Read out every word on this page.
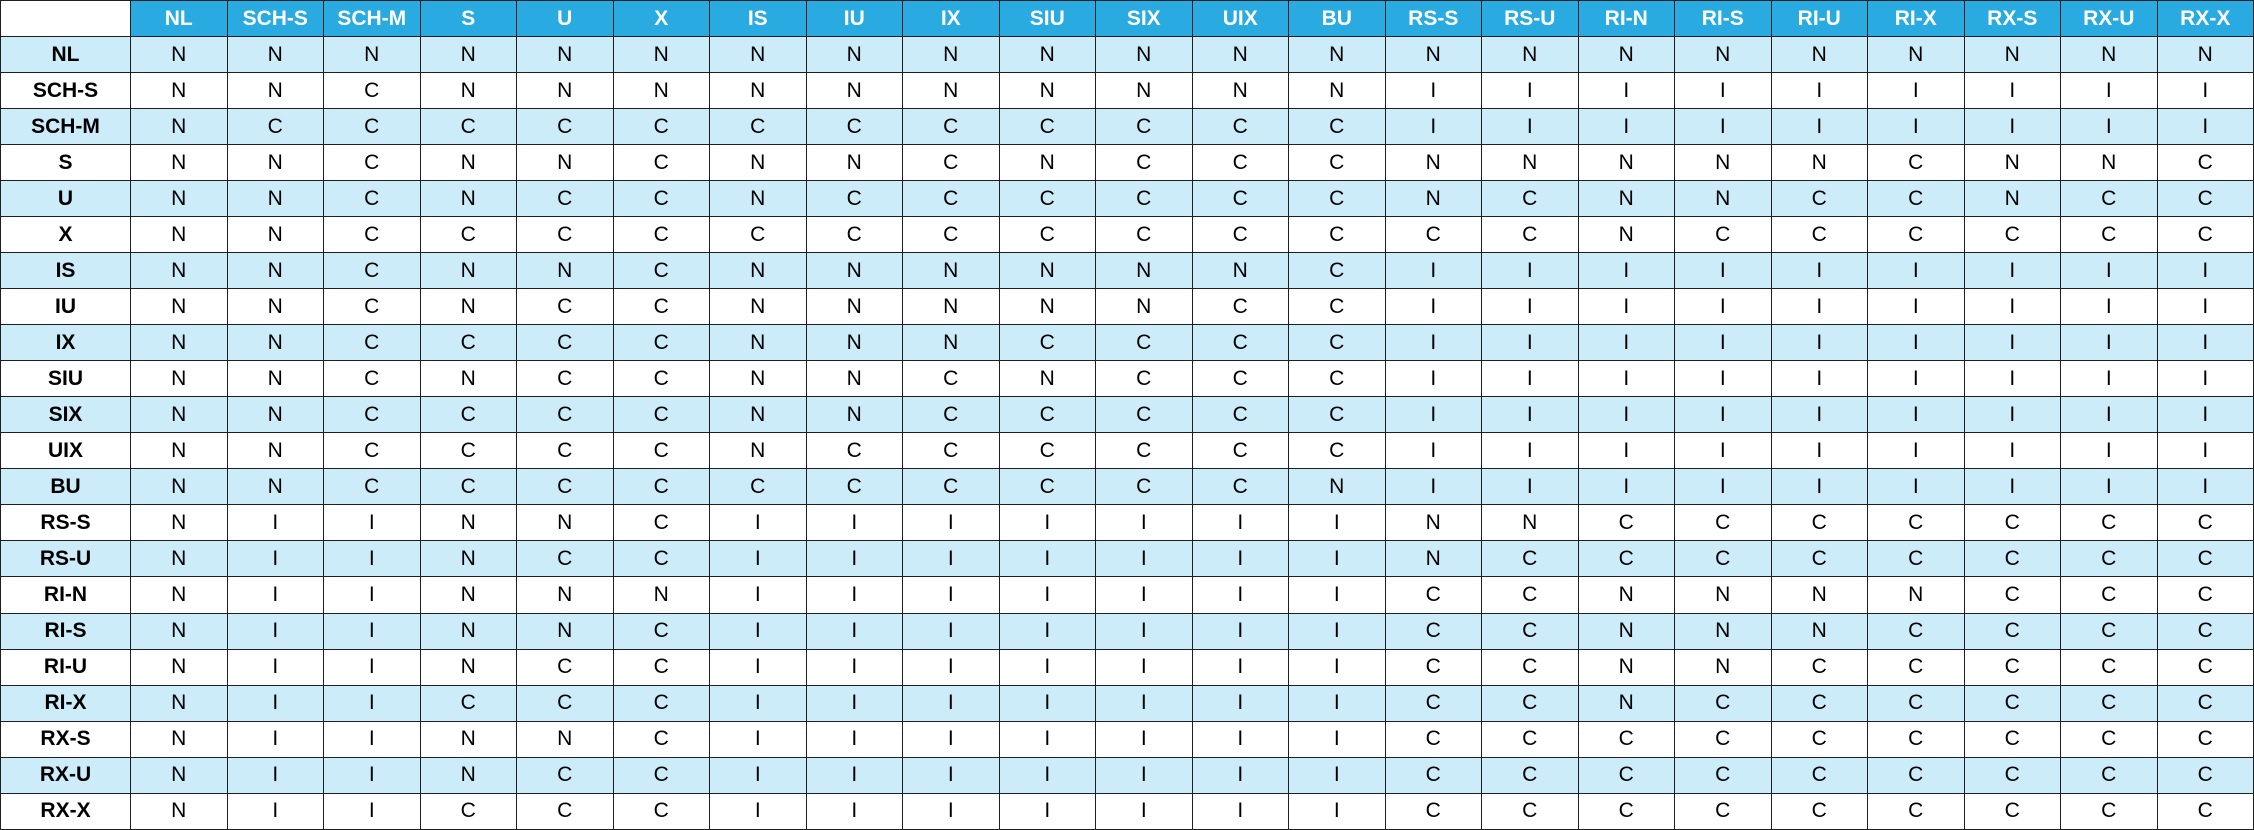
	NL	SCH-S	SCH-M	S	U	X	IS	IU	IX	SIU	SIX	UIX	BU	RS-S	RS-U	RI-N	RI-S	RI-U	RI-X	RX-S	RX-U	RX-X
NL	N	N	N	N	N	N	N	N	N	N	N	N	N	N	N	N	N	N	N	N	N	N
SCH-S	N	N	C	N	N	N	N	N	N	N	N	N	N	I	I	I	I	I	I	I	I	I
SCH-M	N	C	C	C	C	C	C	C	C	C	C	C	C	I	I	I	I	I	I	I	I	I
S	N	N	C	N	N	C	N	N	C	N	C	C	C	N	N	N	N	N	C	N	N	C
U	N	N	C	N	C	C	N	C	C	C	C	C	C	N	C	N	N	C	C	N	C	C
X	N	N	C	C	C	C	C	C	C	C	C	C	C	C	C	N	C	C	C	C	C	C
IS	N	N	C	N	N	C	N	N	N	N	N	N	C	I	I	I	I	I	I	I	I	I
IU	N	N	C	N	C	C	N	N	N	N	N	C	C	I	I	I	I	I	I	I	I	I
IX	N	N	C	C	C	C	N	N	N	C	C	C	C	I	I	I	I	I	I	I	I	I
SIU	N	N	C	N	C	C	N	N	C	N	C	C	C	I	I	I	I	I	I	I	I	I
SIX	N	N	C	C	C	C	N	N	C	C	C	C	C	I	I	I	I	I	I	I	I	I
UIX	N	N	C	C	C	C	N	C	C	C	C	C	C	I	I	I	I	I	I	I	I	I
BU	N	N	C	C	C	C	C	C	C	C	C	C	N	I	I	I	I	I	I	I	I	I
RS-S	N	I	I	N	N	C	I	I	I	I	I	I	I	N	N	C	C	C	C	C	C	C
RS-U	N	I	I	N	C	C	I	I	I	I	I	I	I	N	C	C	C	C	C	C	C	C
RI-N	N	I	I	N	N	N	I	I	I	I	I	I	I	C	C	N	N	N	N	C	C	C
RI-S	N	I	I	N	N	C	I	I	I	I	I	I	I	C	C	N	N	N	C	C	C	C
RI-U	N	I	I	N	C	C	I	I	I	I	I	I	I	C	C	N	N	C	C	C	C	C
RI-X	N	I	I	C	C	C	I	I	I	I	I	I	I	C	C	N	C	C	C	C	C	C
RX-S	N	I	I	N	N	C	I	I	I	I	I	I	I	C	C	C	C	C	C	C	C	C
RX-U	N	I	I	N	C	C	I	I	I	I	I	I	I	C	C	C	C	C	C	C	C	C
RX-X	N	I	I	C	C	C	I	I	I	I	I	I	I	C	C	C	C	C	C	C	C	C
